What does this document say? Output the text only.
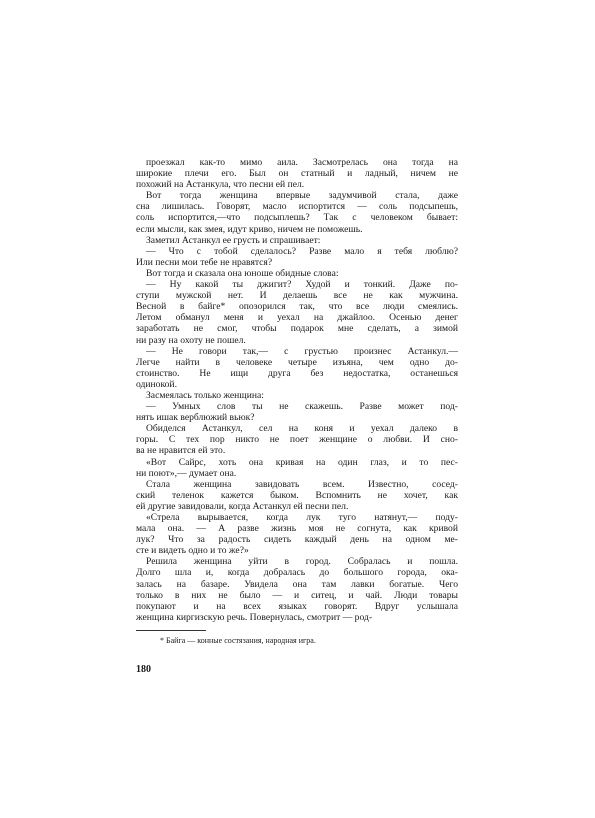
проезжал как-то мимо аила. Засмотрелась она тогда на
широкие плечи его. Был он статный и ладный, ничем не
похожий на Астанкула, что песни ей пел.
Вот тогда женщина впервые задумчивой стала, даже
сна лишилась. Говорят, масло испортится — соль подсыпешь,
соль испортится,—что подсыплешь? Так с человеком бывает:
если мысли, как змея, идут криво, ничем не поможешь.
Заметил Астанкул ее грусть и спрашивает:
— Что с тобой сделалось? Разве мало я тебя люблю?
Или песни мои тебе не нравятся?
Вот тогда и сказала она юноше обидные слова:
— Ну какой ты джигит? Худой и тонкий. Даже по-
ступи мужской нет. И делаешь все не как мужчина.
Весной в байге* опозорился так, что все люди смеялись.
Летом обманул меня и уехал на джайлоо. Осенью денег
заработать не смог, чтобы подарок мне сделать, а зимой
ни разу на охоту не пошел.
— Не говори так,— с грустью произнес Астанкул.—
Легче найти в человеке четыре изъяна, чем одно до-
стоинство. Не ищи друга без недостатка, останешься
одинокой.
Засмеялась только женщина:
— Умных слов ты не скажешь. Разве может под-
нять ишак верблюжий вьюк?
Обиделся Астанкул, сел на коня и уехал далеко в
горы. С тех пор никто не поет женщине о любви. И сно-
ва не нравится ей это.
«Вот Сайрс, хоть она кривая на один глаз, и то пес-
ни поют»,— думает она.
Стала женщина завидовать всем. Известно, сосед-
ский теленок кажется быком. Вспомнить не хочет, как
ей другие завидовали, когда Астанкул ей песни пел.
«Стрела вырывается, когда лук туго натянут,— поду-
мала она. — А разве жизнь моя не согнута, как кривой
лук? Что за радость сидеть каждый день на одном ме-
сте и видеть одно и то же?»
Решила женщина уйти в город. Собралась и пошла.
Долго шла и, когда добралась до большого города, ока-
залась на базаре. Увидела она там лавки богатые. Чего
только в них не было — и ситец, и чай. Люди товары
покупают и на всех языках говорят. Вдруг услышала
женщина киргизскую речь. Повернулась, смотрит — род-
* Байга — конные состязания, народная игра.
180
